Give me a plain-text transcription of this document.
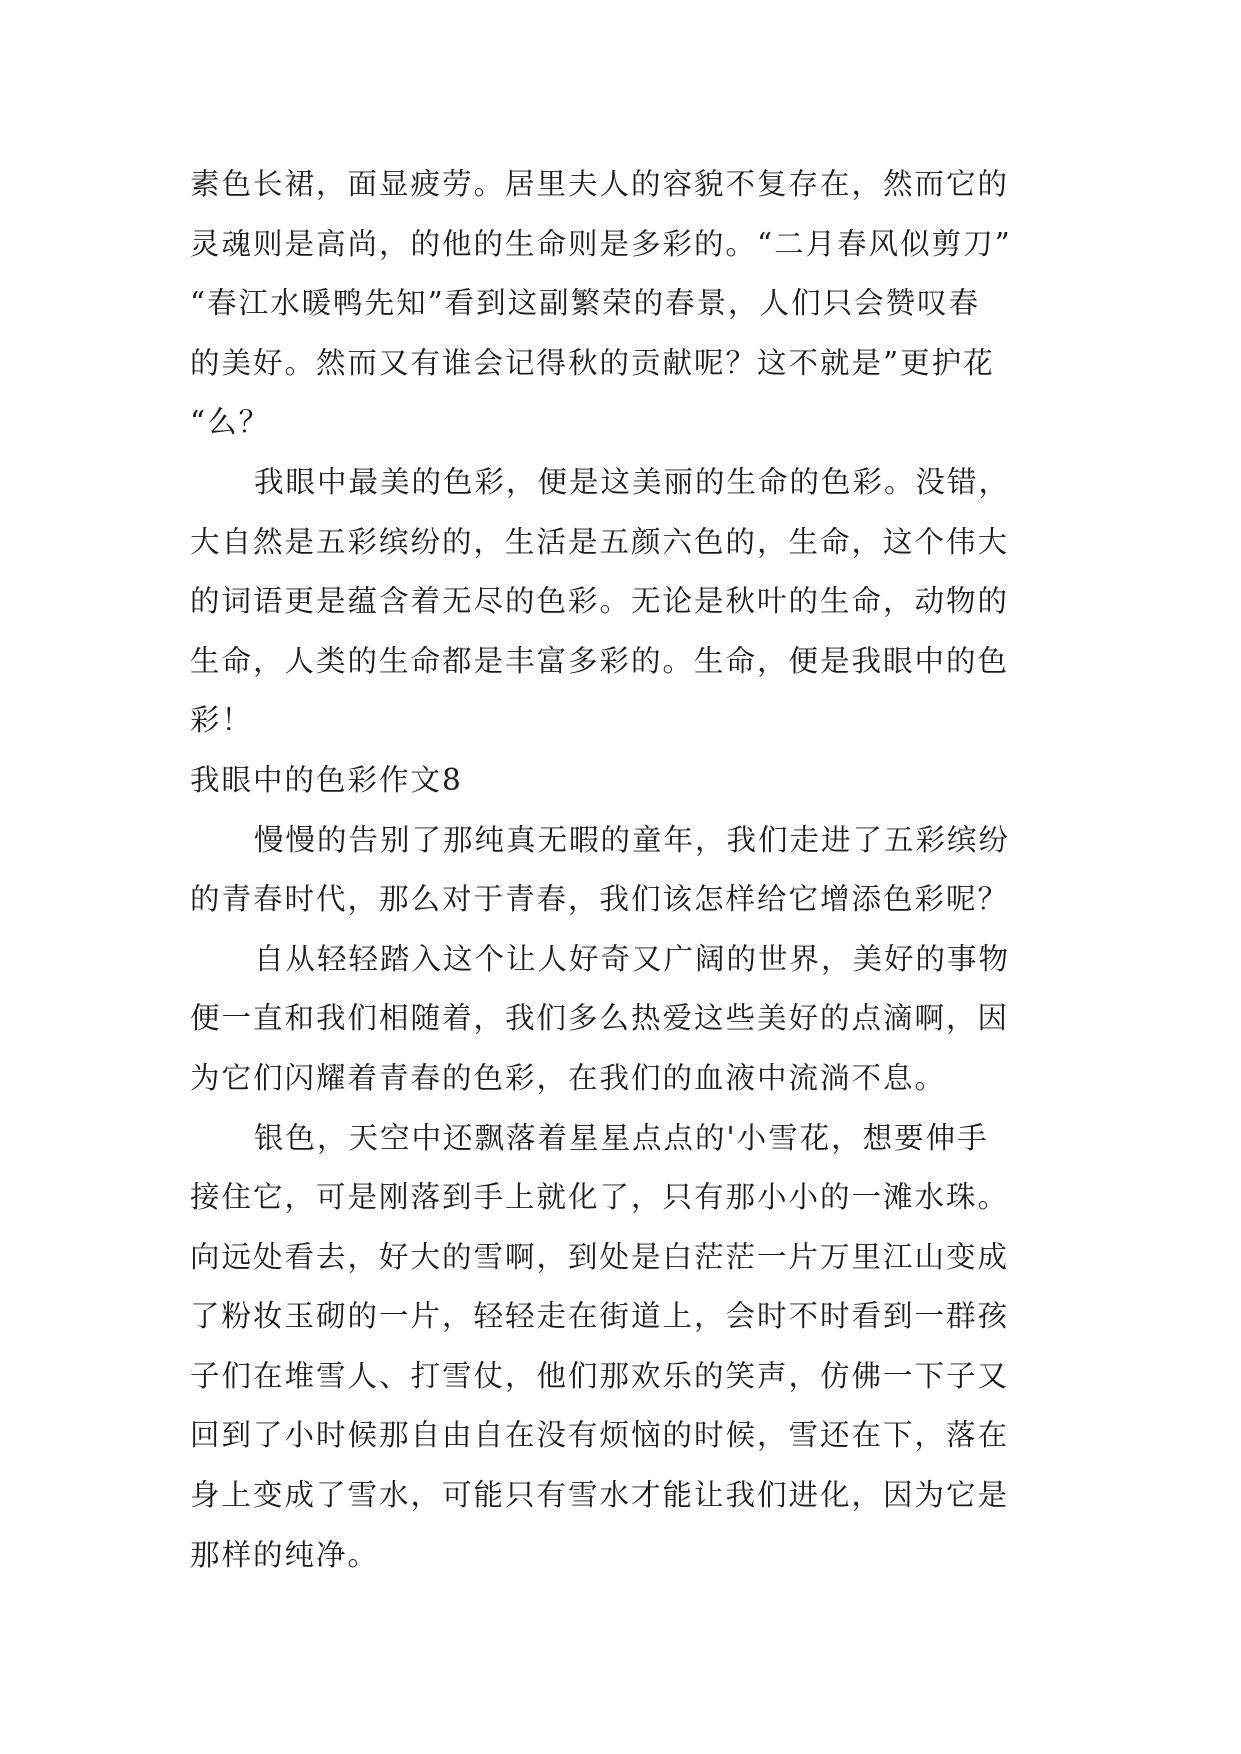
素色长裙，面显疲劳。居里夫人的容貌不复存在，然而它的
灵魂则是高尚，的他的生命则是多彩的。“二月春风似剪刀”
“春江水暖鸭先知”看到这副繁荣的春景，人们只会赞叹春
的美好。然而又有谁会记得秋的贡献呢？这不就是”更护花
“么？
我眼中最美的色彩，便是这美丽的生命的色彩。没错，
大自然是五彩缤纷的，生活是五颜六色的，生命，这个伟大
的词语更是蕴含着无尽的色彩。无论是秋叶的生命，动物的
生命，人类的生命都是丰富多彩的。生命，便是我眼中的色
彩！
我眼中的色彩作文8
慢慢的告别了那纯真无暇的童年，我们走进了五彩缤纷
的青春时代，那么对于青春，我们该怎样给它增添色彩呢？
自从轻轻踏入这个让人好奇又广阔的世界，美好的事物
便一直和我们相随着，我们多么热爱这些美好的点滴啊，因
为它们闪耀着青春的色彩，在我们的血液中流淌不息。
银色，天空中还飘落着星星点点的'小雪花，想要伸手
接住它，可是刚落到手上就化了，只有那小小的一滩水珠。
向远处看去，好大的雪啊，到处是白茫茫一片万里江山变成
了粉妆玉砌的一片，轻轻走在街道上，会时不时看到一群孩
子们在堆雪人、打雪仗，他们那欢乐的笑声，仿佛一下子又
回到了小时候那自由自在没有烦恼的时候，雪还在下，落在
身上变成了雪水，可能只有雪水才能让我们进化，因为它是
那样的纯净。
